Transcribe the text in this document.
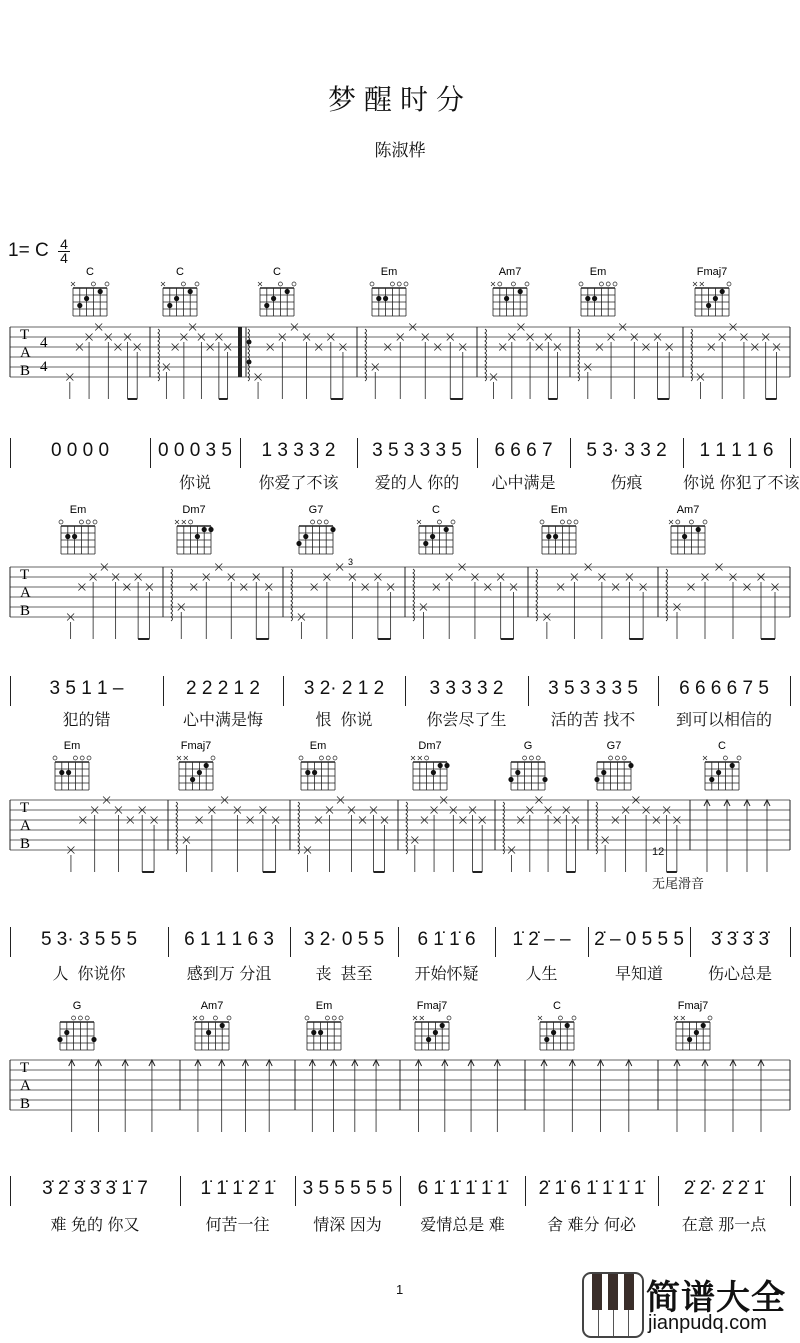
梦醒时分
陈淑桦
1= C 4
4
C	C	C	Em	Am7	Em	Fmaj7
T
A
B
4
4
0 0 0 0	0 0 0 3 5
你说
1 3 3 3 2
你爱了不该
3 5 3 3 3 5
爱的人 你的
6 6 6 7
心中满是
5 3· 3 3 2
伤痕
1 1 1 1 6
你说 你犯了不该
Em	Dm7	G7	C	Em	Am7
T
A
B
3
3 5 1 1 –
犯的错
2 2 2 1 2
心中满是悔
3 2· 2 1 2
恨  你说
3 3 3 3 2
你尝尽了生
3 5 3 3 3 5
活的苦 找不
6 6 6 6 7 5
到可以相信的
Em	Fmaj7	Em	Dm7	G	G7	C
T
A
B
5 3· 3 5 5 5
人  你说你
6 1 1 1 6 3
感到万 分沮
3 2· 0 5 5
丧  甚至
6 1̇ 1̇ 6
开始怀疑
1̇ 2̇ – –
人生
2̇ – 0 5 5 5
早知道
3̇ 3̇ 3̇ 3̇
伤心总是
G	Am7	Em	Fmaj7	C	Fmaj7
T
A
B
3̇ 2̇ 3̇ 3̇ 3̇ 1̇ 7
难 免的 你又
1̇ 1̇ 1̇ 2̇ 1̇
何苦一往
3 5 5 5 5 5
情深 因为
6 1̇ 1̇ 1̇ 1̇ 1̇
爱情总是 难
2̇ 1̇ 6 1̇ 1̇ 1̇ 1̇
舍 难分 何必
2̇ 2̇· 2̇ 2̇ 1̇
在意 那一点
12
无尾滑音
1	简谱大全
jianpudq.com
